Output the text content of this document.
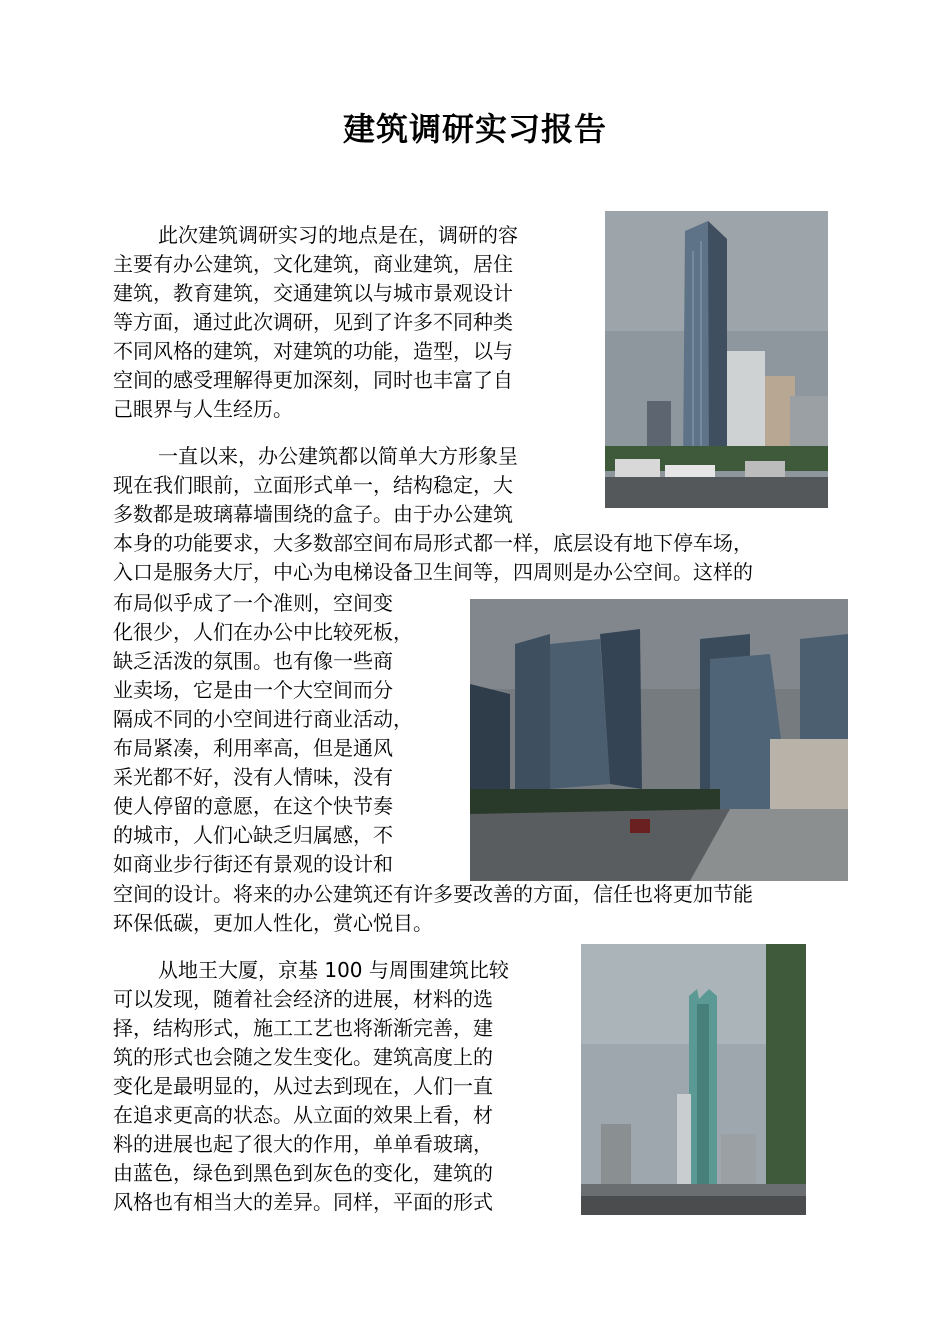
建筑调研实习报告

此次建筑调研实习的地点是在，调研的容

主要有办公建筑，文化建筑，商业建筑，居住

建筑，教育建筑，交通建筑以与城市景观设计

等方面，通过此次调研，见到了许多不同种类

不同风格的建筑，对建筑的功能，造型，以与

空间的感受理解得更加深刻，同时也丰富了自

己眼界与人生经历。

一直以来，办公建筑都以简单大方形象呈

现在我们眼前，立面形式单一，结构稳定，大

多数都是玻璃幕墙围绕的盒子。由于办公建筑

本身的功能要求，大多数部空间布局形式都一样，底层设有地下停车场，

入口是服务大厅，中心为电梯设备卫生间等，四周则是办公空间。这样的

布局似乎成了一个准则，空间变

化很少，人们在办公中比较死板，

缺乏活泼的氛围。也有像一些商

业卖场，它是由一个大空间而分

隔成不同的小空间进行商业活动，

布局紧凑，利用率高，但是通风

采光都不好，没有人情味，没有

使人停留的意愿，在这个快节奏

的城市，人们心缺乏归属感，不

如商业步行街还有景观的设计和

空间的设计。将来的办公建筑还有许多要改善的方面，信任也将更加节能

环保低碳，更加人性化，赏心悦目。

从地王大厦，京基 100 与周围建筑比较

可以发现，随着社会经济的进展，材料的选

择，结构形式，施工工艺也将渐渐完善，建

筑的形式也会随之发生变化。建筑高度上的

变化是最明显的，从过去到现在，人们一直

在追求更高的状态。从立面的效果上看，材

料的进展也起了很大的作用，单单看玻璃，

由蓝色，绿色到黑色到灰色的变化，建筑的

风格也有相当大的差异。同样，平面的形式
